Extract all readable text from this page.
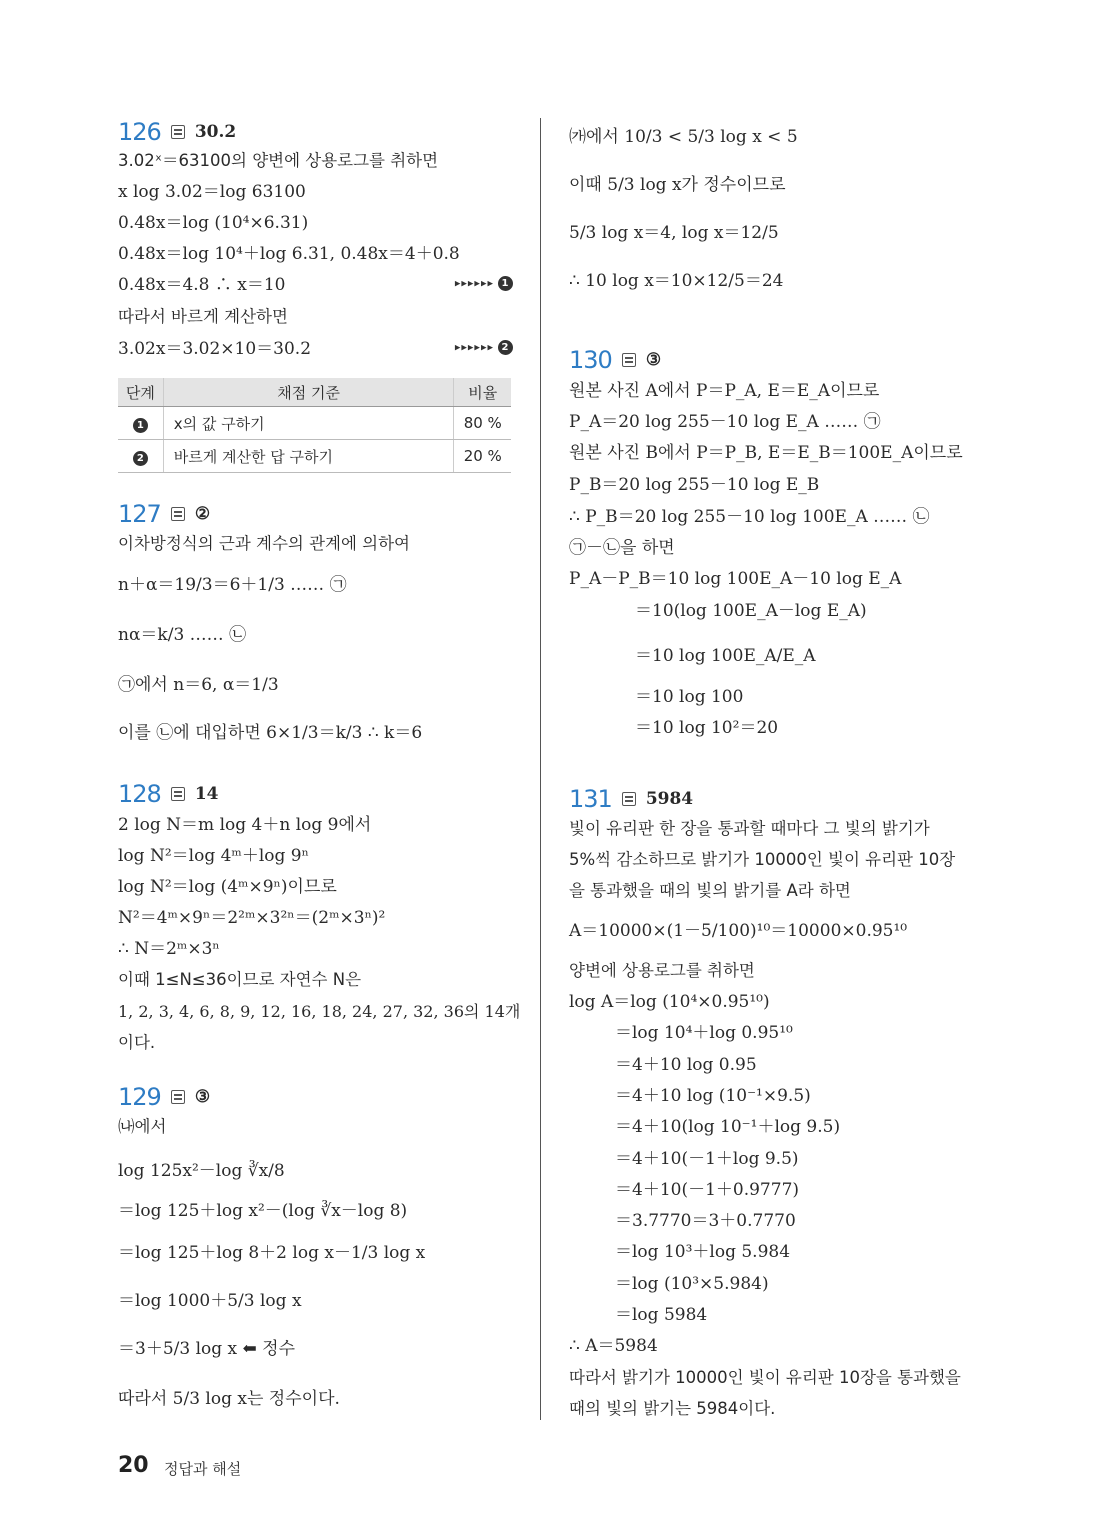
126 30.2
3.02ˣ＝63100의 양변에 상용로그를 취하면
x log 3.02＝log 63100
0.48x＝log (10⁴×6.31)
0.48x＝log 10⁴＋log 6.31, 0.48x＝4＋0.8
0.48x＝4.8 ∴ x＝10	▸▸▸▸▸▸ 1
따라서 바르게 계산하면
3.02x＝3.02×10＝30.2	▸▸▸▸▸▸ 2
단계	채점 기준	비율
1	x의 값 구하기	80 %
2	바르게 계산한 답 구하기	20 %
127 ②
이차방정식의 근과 계수의 관계에 의하여
n＋α＝19/3＝6＋1/3 …… ㉠
nα＝k/3 …… ㉡
㉠에서 n＝6, α＝1/3
이를 ㉡에 대입하면 6×1/3＝k/3 ∴ k＝6
128 14
2 log N＝m log 4＋n log 9에서
log N²＝log 4ᵐ＋log 9ⁿ
log N²＝log (4ᵐ×9ⁿ)이므로
N²＝4ᵐ×9ⁿ＝2²ᵐ×3²ⁿ＝(2ᵐ×3ⁿ)²
∴ N＝2ᵐ×3ⁿ
이때 1≤N≤36이므로 자연수 N은
1, 2, 3, 4, 6, 8, 9, 12, 16, 18, 24, 27, 32, 36의 14개
이다.
129 ③
㈏에서
log 125x²－log ∛x/8
＝log 125＋log x²－(log ∛x－log 8)
＝log 125＋log 8＋2 log x－1/3 log x
＝log 1000＋5/3 log x
＝3＋5/3 log x ⬅ 정수
따라서 5/3 log x는 정수이다.
㈎에서 10/3 < 5/3 log x < 5
이때 5/3 log x가 정수이므로
5/3 log x＝4, log x＝12/5
∴ 10 log x＝10×12/5＝24
130 ③
원본 사진 A에서 P＝P_A, E＝E_A이므로
P_A＝20 log 255－10 log E_A …… ㉠
원본 사진 B에서 P＝P_B, E＝E_B＝100E_A이므로
P_B＝20 log 255－10 log E_B
∴ P_B＝20 log 255－10 log 100E_A …… ㉡
㉠－㉡을 하면
P_A－P_B＝10 log 100E_A－10 log E_A
＝10(log 100E_A－log E_A)
＝10 log 100E_A/E_A
＝10 log 100
＝10 log 10²＝20
131 5984
빛이 유리판 한 장을 통과할 때마다 그 빛의 밝기가
5%씩 감소하므로 밝기가 10000인 빛이 유리판 10장
을 통과했을 때의 빛의 밝기를 A라 하면
A＝10000×(1－5/100)¹⁰＝10000×0.95¹⁰
양변에 상용로그를 취하면
log A＝log (10⁴×0.95¹⁰)
＝log 10⁴＋log 0.95¹⁰
＝4＋10 log 0.95
＝4＋10 log (10⁻¹×9.5)
＝4＋10(log 10⁻¹＋log 9.5)
＝4＋10(－1＋log 9.5)
＝4＋10(－1＋0.9777)
＝3.7770＝3＋0.7770
＝log 10³＋log 5.984
＝log (10³×5.984)
＝log 5984
∴ A＝5984
따라서 밝기가 10000인 빛이 유리판 10장을 통과했을
때의 빛의 밝기는 5984이다.
20 정답과 해설
